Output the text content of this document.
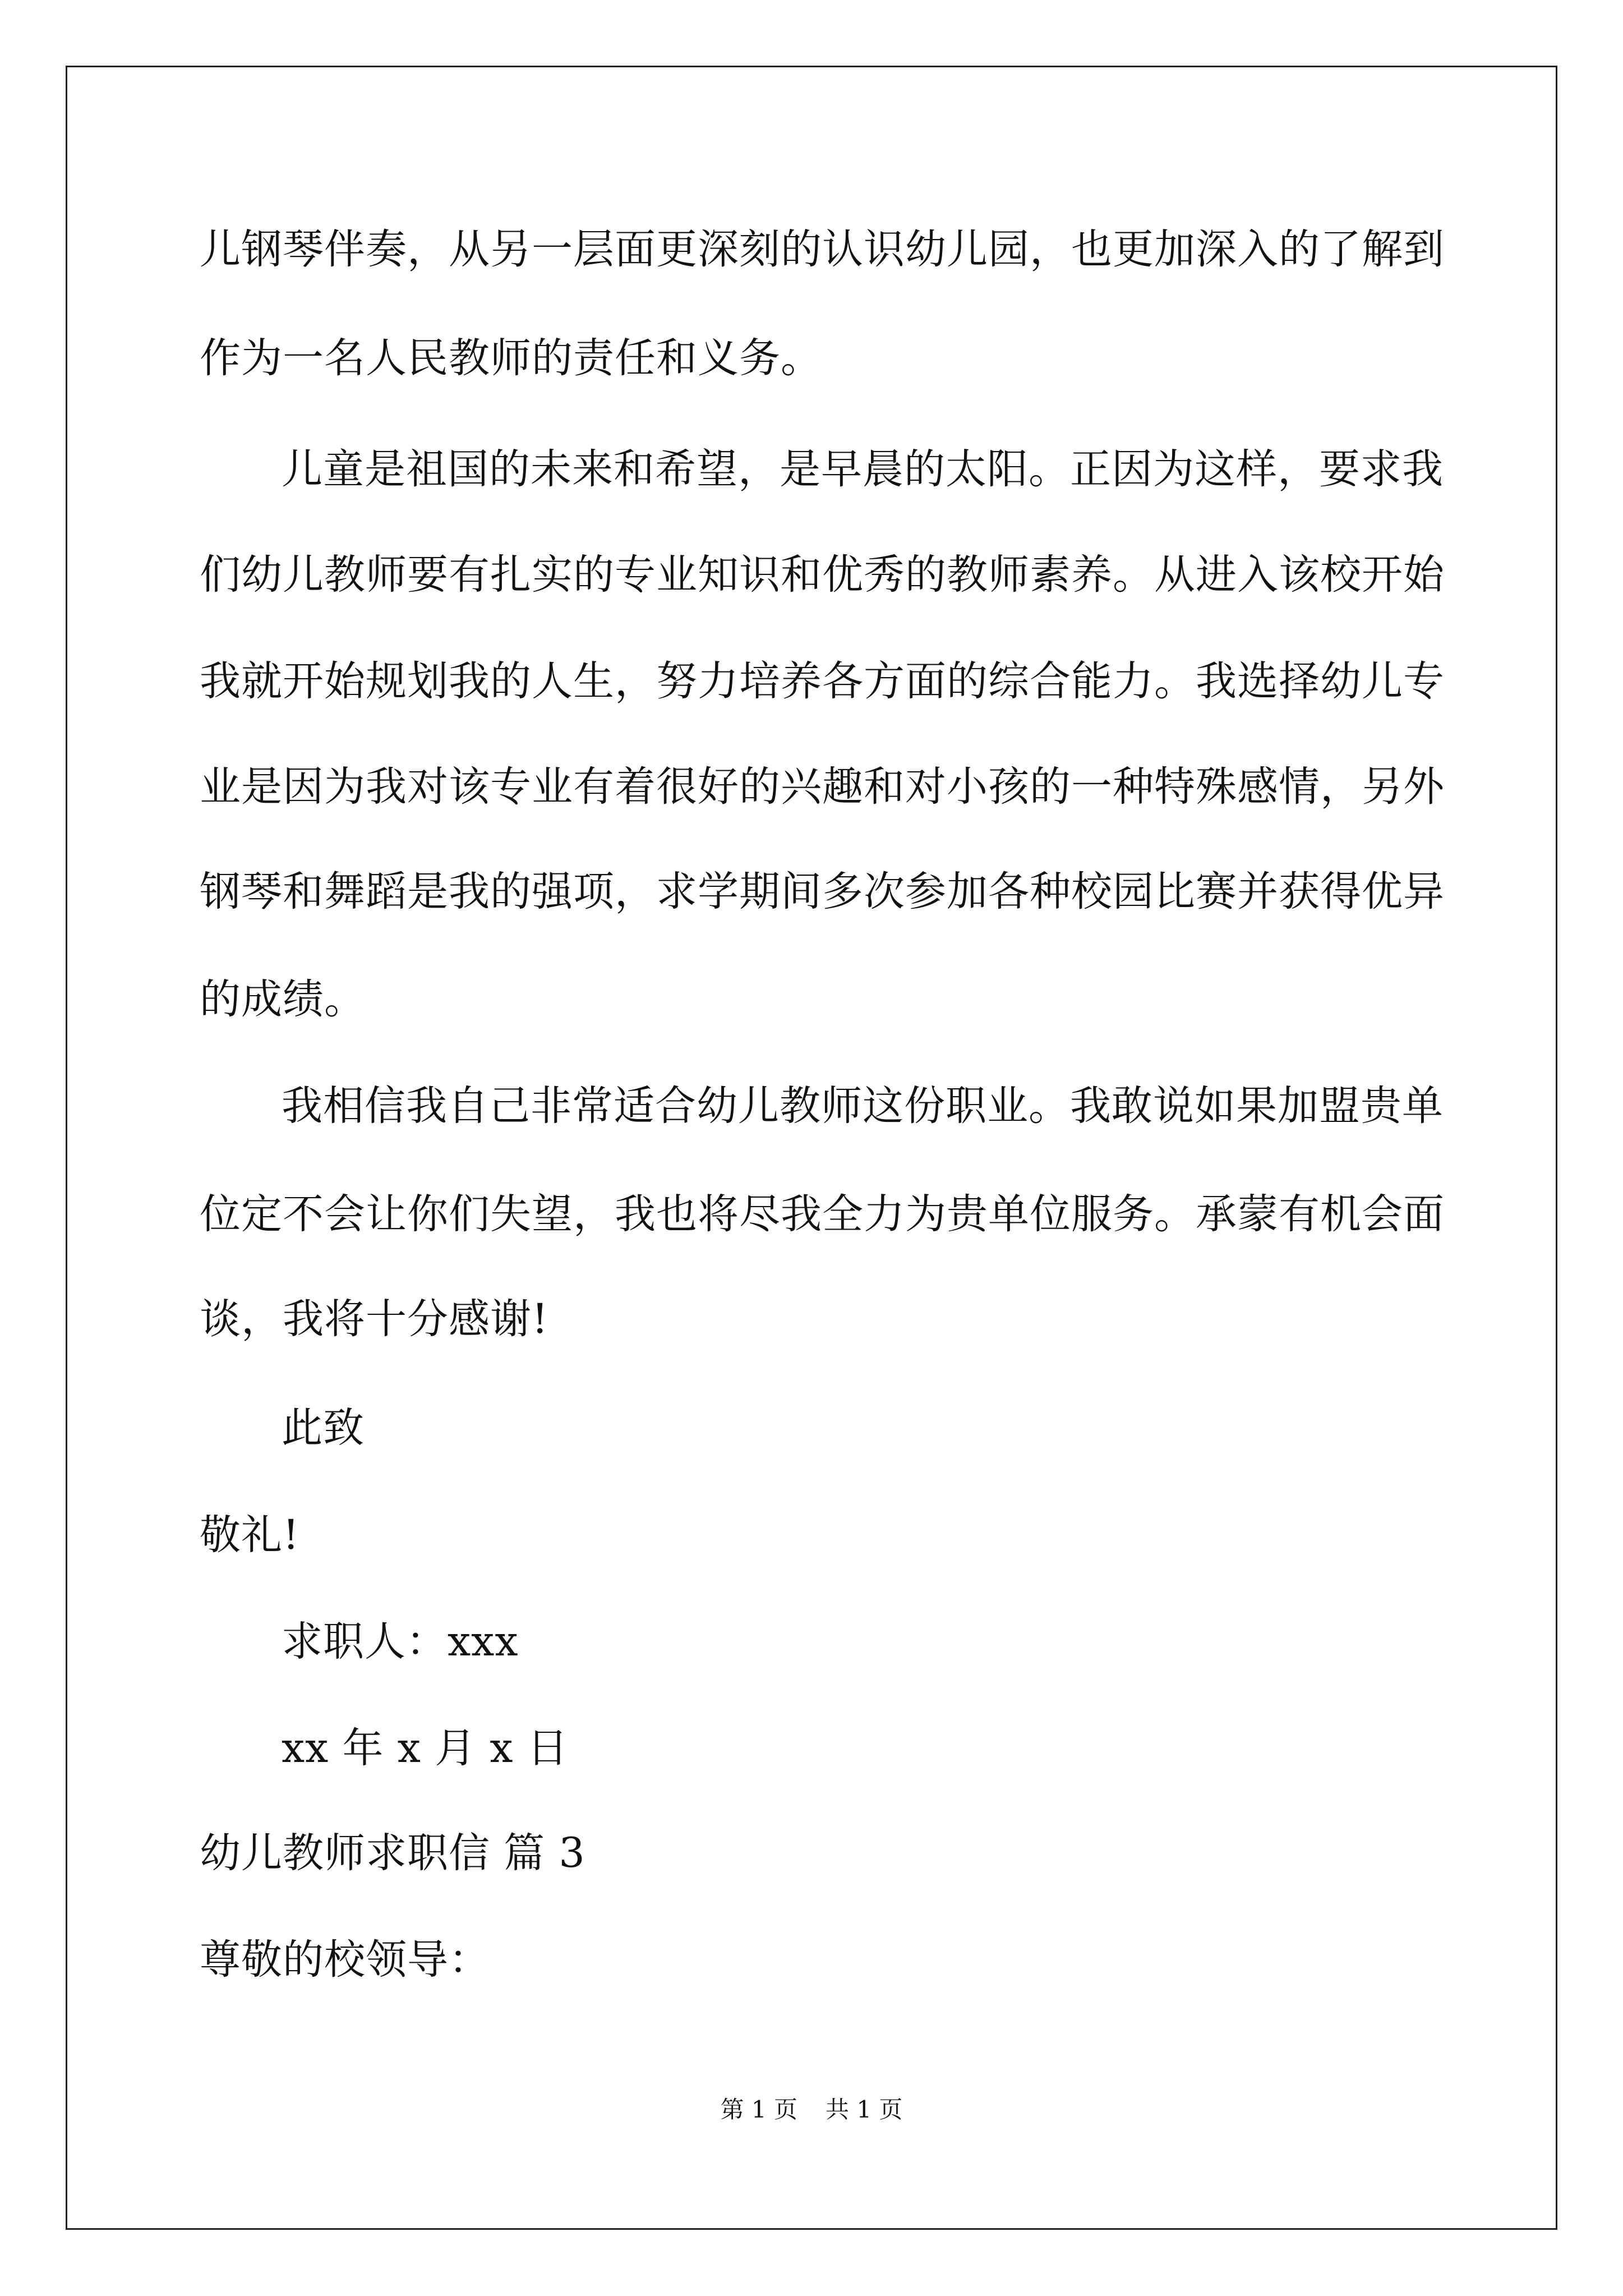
儿钢琴伴奏，从另一层面更深刻的认识幼儿园，也更加深入的了解到
作为一名人民教师的责任和义务。
儿童是祖国的未来和希望，是早晨的太阳。正因为这样，要求我
们幼儿教师要有扎实的专业知识和优秀的教师素养。从进入该校开始
我就开始规划我的人生，努力培养各方面的综合能力。我选择幼儿专
业是因为我对该专业有着很好的兴趣和对小孩的一种特殊感情，另外
钢琴和舞蹈是我的强项，求学期间多次参加各种校园比赛并获得优异
的成绩。
我相信我自己非常适合幼儿教师这份职业。我敢说如果加盟贵单
位定不会让你们失望，我也将尽我全力为贵单位服务。承蒙有机会面
谈，我将十分感谢!
此致
敬礼!
求职人：xxx
xx 年 x 月 x 日
幼儿教师求职信 篇 3
尊敬的校领导：
第 1 页 共 1 页
